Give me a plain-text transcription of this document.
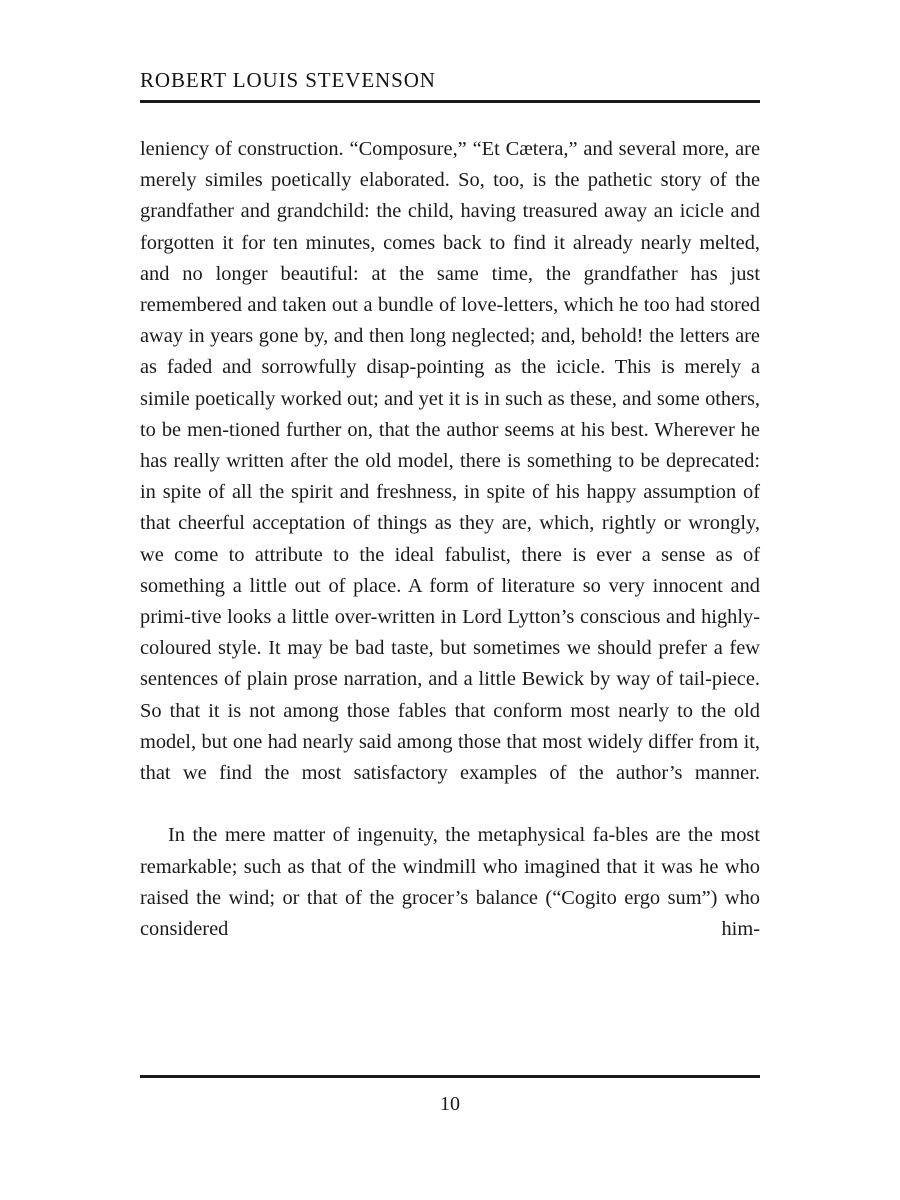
ROBERT LOUIS STEVENSON

leniency of construction. “Composure,” “Et Cætera,” and several more, are merely similes poetically elaborated. So, too, is the pathetic story of the grandfather and grandchild: the child, having treasured away an icicle and forgotten it for ten minutes, comes back to find it already nearly melted, and no longer beautiful: at the same time, the grandfather has just remembered and taken out a bundle of love-​letters, which he too had stored away in years gone by, and then long neglected; and, behold! the letters are as faded and sorrowfully disap-​pointing as the icicle. This is merely a simile poetically worked out; and yet it is in such as these, and some others, to be men-​tioned further on, that the author seems at his best. Wherever he has really written after the old model, there is something to be deprecated: in spite of all the spirit and freshness, in spite of his happy assumption of that cheerful acceptation of things as they are, which, rightly or wrongly, we come to attribute to the ideal fabulist, there is ever a sense as of something a little out of place. A form of literature so very innocent and primi-​tive looks a little over-​written in Lord Lytton’s conscious and highly-​coloured style. It may be bad taste, but sometimes we should prefer a few sentences of plain prose narration, and a little Bewick by way of tail-​piece. So that it is not among those fables that conform most nearly to the old model, but one had nearly said among those that most widely differ from it, that we find the most satisfactory examples of the author’s manner.

In the mere matter of ingenuity, the metaphysical fa-​bles are the most remarkable; such as that of the windmill who imagined that it was he who raised the wind; or that of the grocer’s balance (“Cogito ergo sum”) who considered him-​

10
